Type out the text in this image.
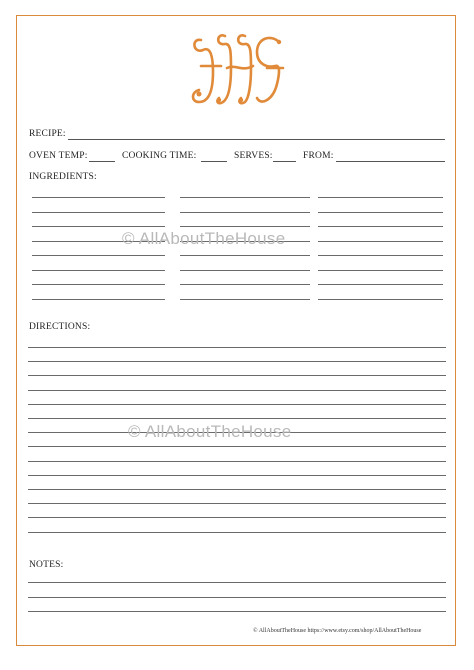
RECIPE:
OVEN TEMP:	COOKING TIME:	SERVES:	FROM:
INGREDIENTS:
DIRECTIONS:
NOTES:
© AllAboutTheHouse
© AllAboutTheHouse
© AllAboutTheHouse https://www.etsy.com/shop/AllAboutTheHouse
